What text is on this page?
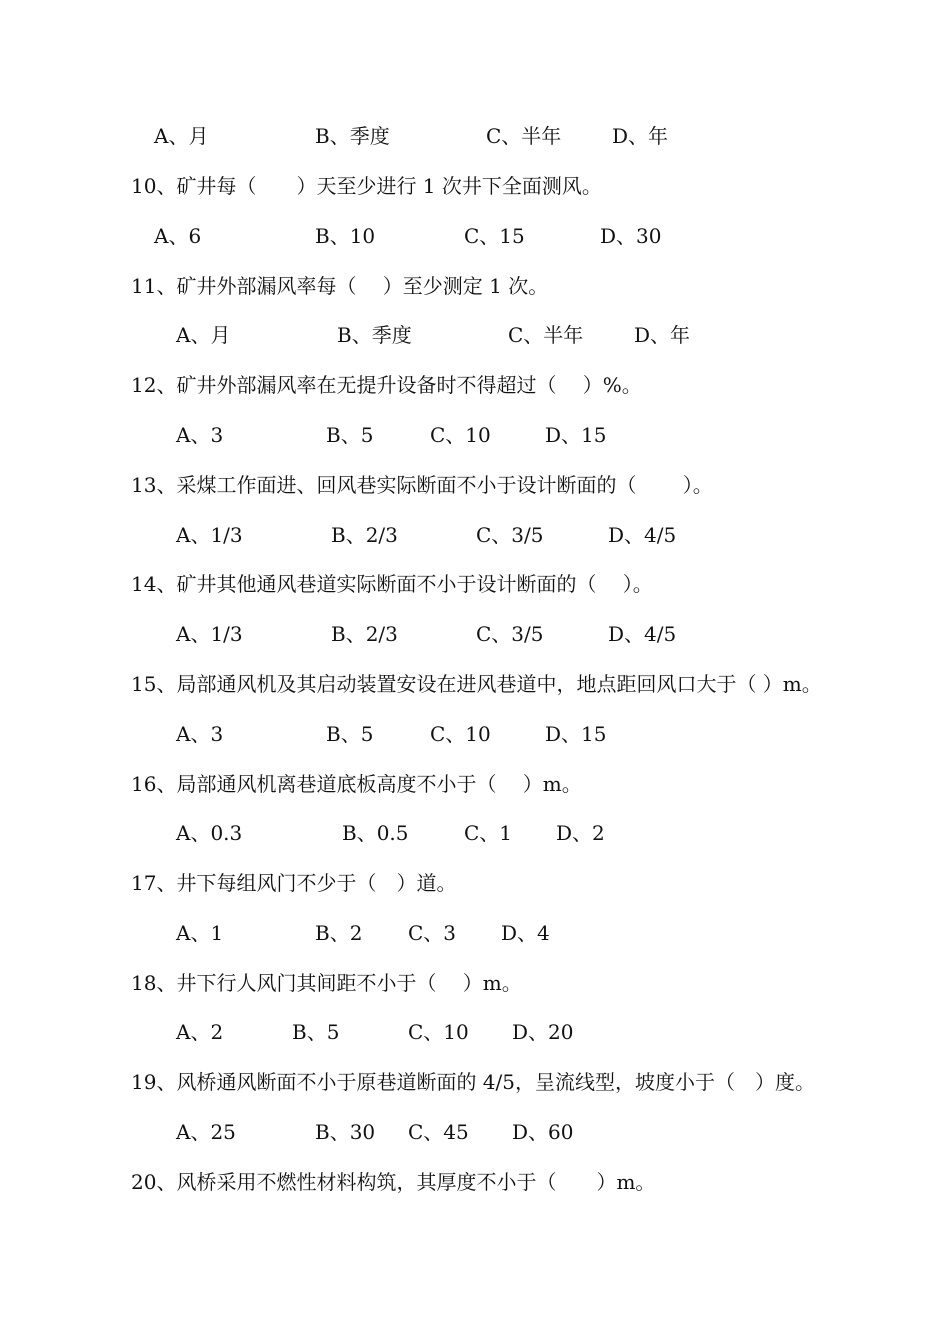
A、月	B、季度	C、半年	D、年
10、矿井每（　　）天至少进行 1 次井下全面测风。
A、6	B、10	C、15	D、30
11、矿井外部漏风率每（　 ）至少测定 1 次。
A、月	B、季度	C、半年	D、年
12、矿井外部漏风率在无提升设备时不得超过（　 ）%。
A、3	B、5	C、10	D、15
13、采煤工作面进、回风巷实际断面不小于设计断面的（　　 ）。
A、1/3	B、2/3	C、3/5	D、4/5
14、矿井其他通风巷道实际断面不小于设计断面的（　 ）。
A、1/3	B、2/3	C、3/5	D、4/5
15、局部通风机及其启动装置安设在进风巷道中，地点距回风口大于（ ）m。
A、3	B、5	C、10	D、15
16、局部通风机离巷道底板高度不小于（　 ）m。
A、0.3	B、0.5	C、1 D、2
17、井下每组风门不少于（　）道。
A、1	B、2 C、3 D、4
18、井下行人风门其间距不小于（　 ）m。
A、2	B、5	C、10 D、20
19、风桥通风断面不小于原巷道断面的 4/5，呈流线型，坡度小于（　）度。
A、25	B、30 C、45 D、60
20、风桥采用不燃性材料构筑，其厚度不小于（　　）m。
